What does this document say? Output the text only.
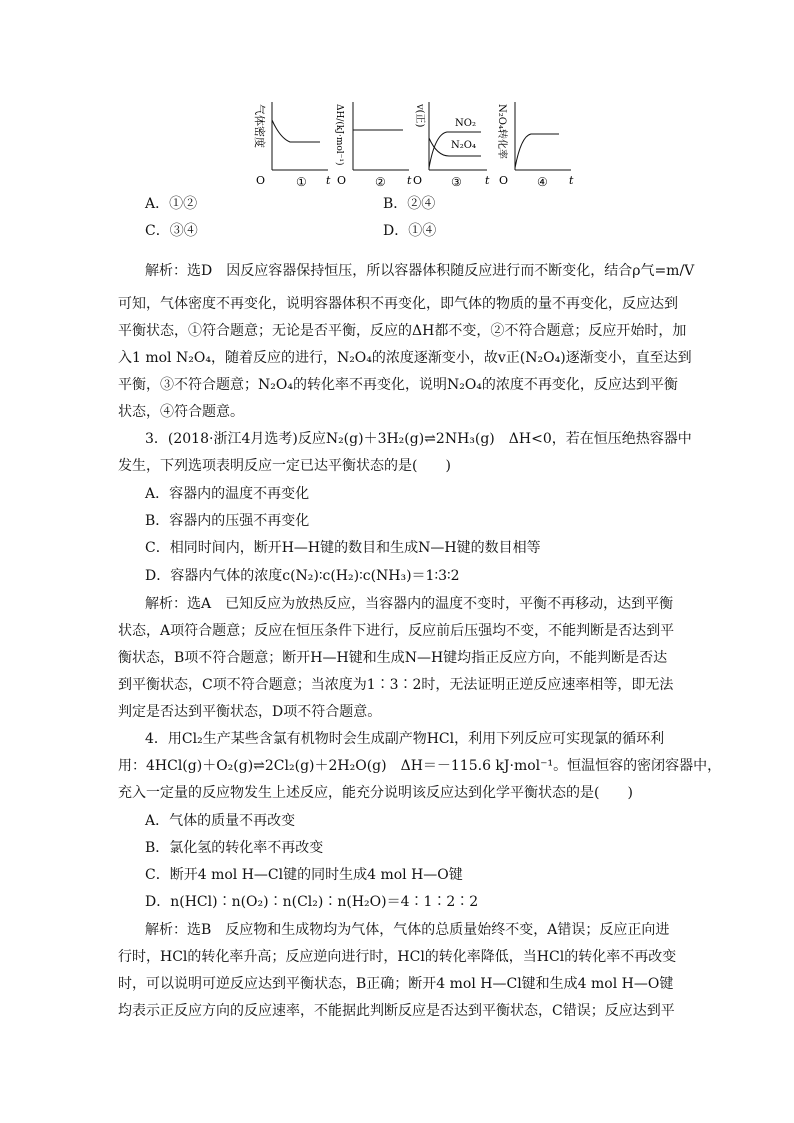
O	t
①
气体密度
O	t
②
ΔH/(kJ·mol⁻¹)	NO₂
N₂O₄
O	t
③
v(正)
O	t
④
N₂O₄转化率
A．①②	B．②④
C．③④	D．①④
解析：选D　因反应容器保持恒压，所以容器体积随反应进行而不断变化，结合ρ气=m/V
可知，气体密度不再变化，说明容器体积不再变化，即气体的物质的量不再变化，反应达到
平衡状态，①符合题意；无论是否平衡，反应的ΔH都不变，②不符合题意；反应开始时，加
入1 mol N₂O₄，随着反应的进行，N₂O₄的浓度逐渐变小，故v正(N₂O₄)逐渐变小，直至达到
平衡，③不符合题意；N₂O₄的转化率不再变化，说明N₂O₄的浓度不再变化，反应达到平衡
状态，④符合题意。
3．(2018·浙江4月选考)反应N₂(g)＋3H₂(g)⇌2NH₃(g)　ΔH<0，若在恒压绝热容器中
发生，下列选项表明反应一定已达平衡状态的是(　　)
A．容器内的温度不再变化
B．容器内的压强不再变化
C．相同时间内，断开H—H键的数目和生成N—H键的数目相等
D．容器内气体的浓度c(N₂)∶c(H₂)∶c(NH₃)＝1∶3∶2
解析：选A　已知反应为放热反应，当容器内的温度不变时，平衡不再移动，达到平衡
状态，A项符合题意；反应在恒压条件下进行，反应前后压强均不变，不能判断是否达到平
衡状态，B项不符合题意；断开H—H键和生成N—H键均指正反应方向，不能判断是否达
到平衡状态，C项不符合题意；当浓度为1∶3∶2时，无法证明正逆反应速率相等，即无法
判定是否达到平衡状态，D项不符合题意。
4．用Cl₂生产某些含氯有机物时会生成副产物HCl，利用下列反应可实现氯的循环利
用：4HCl(g)＋O₂(g)⇌2Cl₂(g)＋2H₂O(g)　ΔH＝－115.6 kJ·mol⁻¹。恒温恒容的密闭容器中，
充入一定量的反应物发生上述反应，能充分说明该反应达到化学平衡状态的是(　　)
A．气体的质量不再改变
B．氯化氢的转化率不再改变
C．断开4 mol H—Cl键的同时生成4 mol H—O键
D．n(HCl)∶n(O₂)∶n(Cl₂)∶n(H₂O)＝4∶1∶2∶2
解析：选B　反应物和生成物均为气体，气体的总质量始终不变，A错误；反应正向进
行时，HCl的转化率升高；反应逆向进行时，HCl的转化率降低，当HCl的转化率不再改变
时，可以说明可逆反应达到平衡状态，B正确；断开4 mol H—Cl键和生成4 mol H—O键
均表示正反应方向的反应速率，不能据此判断反应是否达到平衡状态，C错误；反应达到平
